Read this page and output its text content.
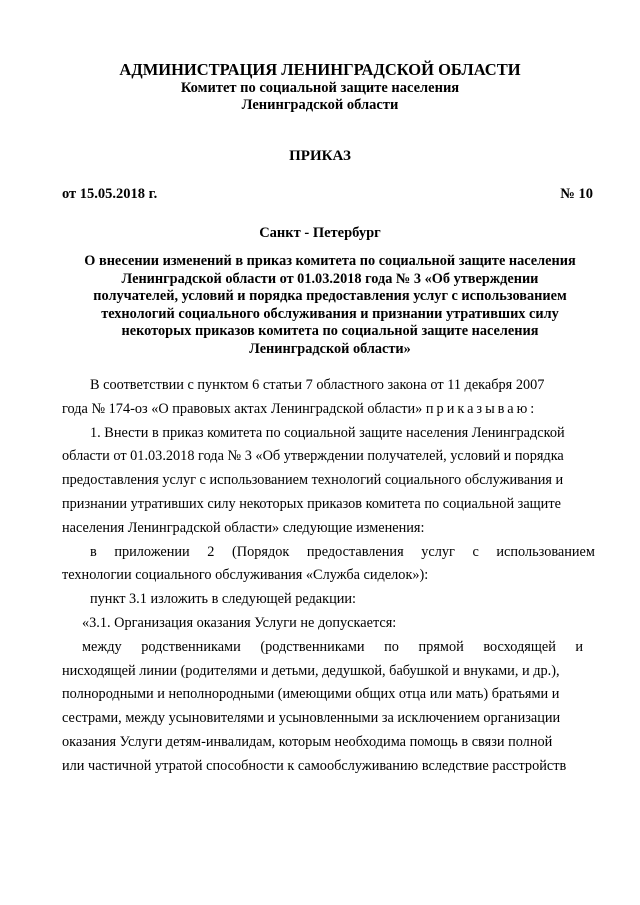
АДМИНИСТРАЦИЯ ЛЕНИНГРАДСКОЙ ОБЛАСТИ
Комитет по социальной защите населения
Ленинградской области
ПРИКАЗ
от 15.05.2018 г.	№ 10
Санкт - Петербург
О внесении изменений в приказ комитета по социальной защите населения
Ленинградской области от 01.03.2018 года № 3 «Об утверждении
получателей, условий и порядка предоставления услуг с использованием
технологий социального обслуживания и признании утративших силу
некоторых приказов комитета по социальной защите населения
Ленинградской области»
В соответствии с пунктом 6 статьи 7 областного закона от 11 декабря 2007
года № 174-оз «О правовых актах Ленинградской области» приказываю:
1. Внести в приказ комитета по социальной защите населения Ленинградской
области от 01.03.2018 года № 3 «Об утверждении получателей, условий и порядка
предоставления услуг с использованием технологий социального обслуживания и
признании утративших силу некоторых приказов комитета по социальной защите
населения Ленинградской области» следующие изменения:
в приложении 2 (Порядок предоставления услуг с использованием
технологии социального обслуживания «Служба сиделок»):
пункт 3.1 изложить в следующей редакции:
«3.1. Организация оказания Услуги не допускается:
между родственниками (родственниками по прямой восходящей и
нисходящей линии (родителями и детьми, дедушкой, бабушкой и внуками, и др.),
полнородными и неполнородными (имеющими общих отца или мать) братьями и
сестрами, между усыновителями и усыновленными за исключением организации
оказания Услуги детям-инвалидам, которым необходима помощь в связи полной
или частичной утратой способности к самообслуживанию вследствие расстройств
